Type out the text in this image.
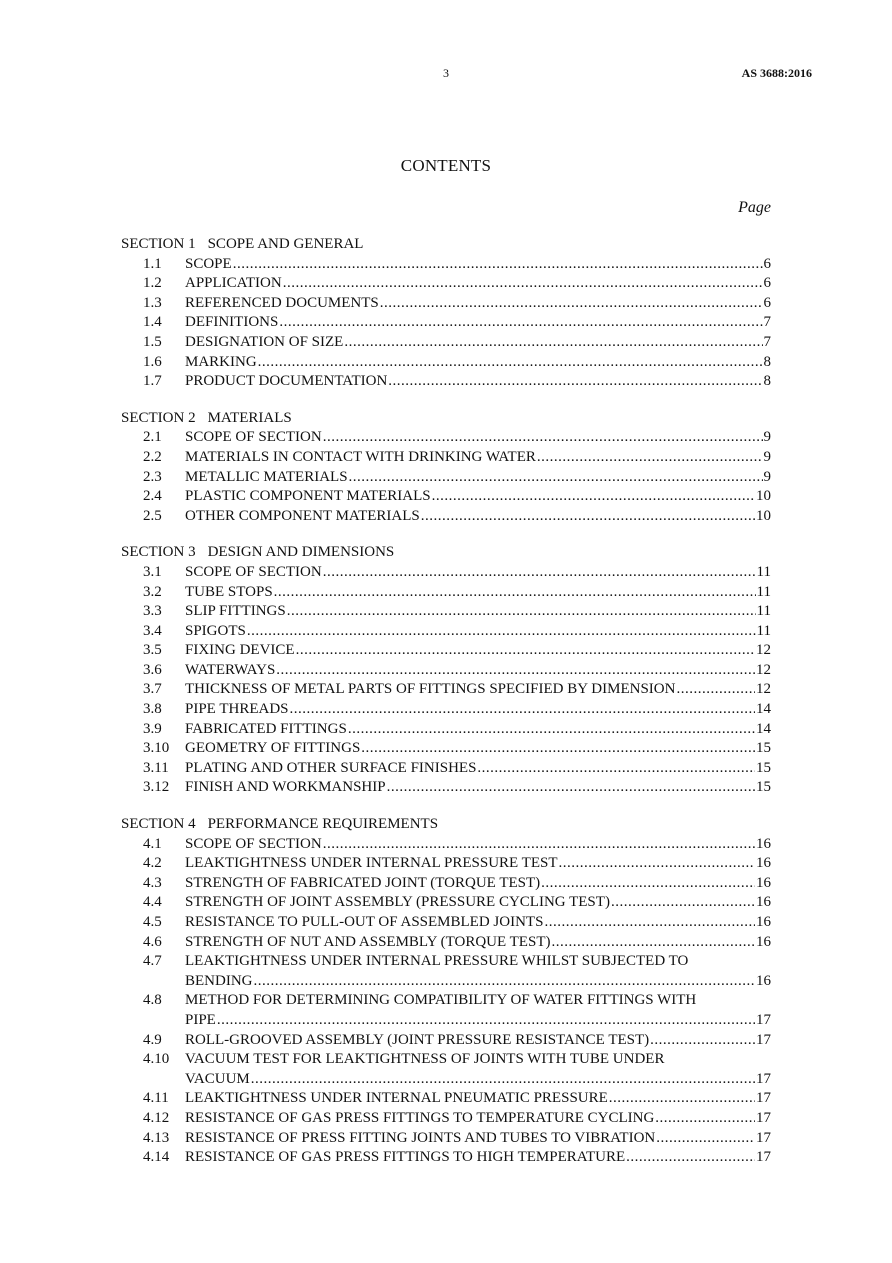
3	AS 3688:2016
CONTENTS
Page
SECTION 1 SCOPE AND GENERAL
1.1 SCOPE .....	6
1.2 APPLICATION .....	6
1.3 REFERENCED DOCUMENTS .....	6
1.4 DEFINITIONS .....	7
1.5 DESIGNATION OF SIZE .....	7
1.6 MARKING .....	8
1.7 PRODUCT DOCUMENTATION .....	8
SECTION 2 MATERIALS
2.1 SCOPE OF SECTION .....	9
2.2 MATERIALS IN CONTACT WITH DRINKING WATER .....	9
2.3 METALLIC MATERIALS .....	9
2.4 PLASTIC COMPONENT MATERIALS .....	10
2.5 OTHER COMPONENT MATERIALS .....	10
SECTION 3 DESIGN AND DIMENSIONS
3.1 SCOPE OF SECTION .....	11
3.2 TUBE STOPS .....	11
3.3 SLIP FITTINGS .....	11
3.4 SPIGOTS .....	11
3.5 FIXING DEVICE .....	12
3.6 WATERWAYS .....	12
3.7 THICKNESS OF METAL PARTS OF FITTINGS SPECIFIED BY DIMENSION .....	12
3.8 PIPE THREADS .....	14
3.9 FABRICATED FITTINGS .....	14
3.10 GEOMETRY OF FITTINGS .....	15
3.11 PLATING AND OTHER SURFACE FINISHES .....	15
3.12 FINISH AND WORKMANSHIP .....	15
SECTION 4 PERFORMANCE REQUIREMENTS
4.1 SCOPE OF SECTION .....	16
4.2 LEAKTIGHTNESS UNDER INTERNAL PRESSURE TEST .....	16
4.3 STRENGTH OF FABRICATED JOINT (TORQUE TEST) .....	16
4.4 STRENGTH OF JOINT ASSEMBLY (PRESSURE CYCLING TEST) .....	16
4.5 RESISTANCE TO PULL-OUT OF ASSEMBLED JOINTS .....	16
4.6 STRENGTH OF NUT AND ASSEMBLY (TORQUE TEST) .....	16
4.7 LEAKTIGHTNESS UNDER INTERNAL PRESSURE WHILST SUBJECTED TO
BENDING .....	16
4.8 METHOD FOR DETERMINING COMPATIBILITY OF WATER FITTINGS WITH
PIPE .....	17
4.9 ROLL-GROOVED ASSEMBLY (JOINT PRESSURE RESISTANCE TEST) .....	17
4.10 VACUUM TEST FOR LEAKTIGHTNESS OF JOINTS WITH TUBE UNDER
VACUUM .....	17
4.11 LEAKTIGHTNESS UNDER INTERNAL PNEUMATIC PRESSURE .....	17
4.12 RESISTANCE OF GAS PRESS FITTINGS TO TEMPERATURE CYCLING .....	17
4.13 RESISTANCE OF PRESS FITTING JOINTS AND TUBES TO VIBRATION .....	17
4.14 RESISTANCE OF GAS PRESS FITTINGS TO HIGH TEMPERATURE .....	17
